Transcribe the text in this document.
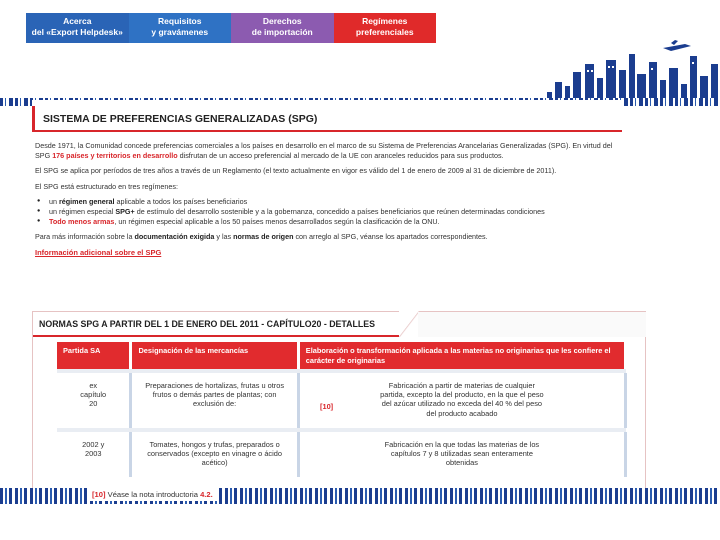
Acerca
del «Export Helpdesk»
Requisitos
y gravámenes
Derechos
de importación
Regímenes
preferenciales
SISTEMA DE PREFERENCIAS GENERALIZADAS (SPG)

Desde 1971, la Comunidad concede preferencias comerciales a los países en desarrollo en el marco de su Sistema de Preferencias Arancelarias Generalizadas (SPG). En virtud del SPG 176 países y territorios en desarrollo disfrutan de un acceso preferencial al mercado de la UE con aranceles reducidos para sus productos.

El SPG se aplica por períodos de tres años a través de un Reglamento (el texto actualmente en vigor es válido del 1 de enero de 2009 al 31 de diciembre de 2011).

El SPG está estructurado en tres regímenes:

● un régimen general aplicable a todos los países beneficiarios
● un régimen especial SPG+ de estímulo del desarrollo sostenible y a la gobernanza, concedido a países beneficiarios que reúnen determinadas condiciones
● Todo menos armas, un régimen especial aplicable a los 50 países menos desarrollados según la clasificación de la ONU.

Para más información sobre la documentación exigida y las normas de origen con arreglo al SPG, véanse los apartados correspondientes.

Información adicional sobre el SPG

NORMAS SPG A PARTIR DEL 1 DE ENERO DEL 2011 - CAPÍTULO20 - DETALLES
Partida SA	Designación de las mercancías	Elaboración o transformación aplicada a las materias no originarias que les confiere el carácter de originarias

ex capítulo 20	Preparaciones de hortalizas, frutas u otros frutos o demás partes de plantas; con exclusión de:	Fabricación a partir de materias de cualquier partida, excepto la del producto, en la que el peso del azúcar utilizado no exceda del 40 % del peso del producto acabado

2002 y 2003	Tomates, hongos y trufas, preparados o conservados (excepto en vinagre o ácido acético)	Fabricación en la que todas las materias de los capítulos 7 y 8 utilizadas sean enteramente obtenidas
[10]
[10] Véase la nota introductoria 4.2.
